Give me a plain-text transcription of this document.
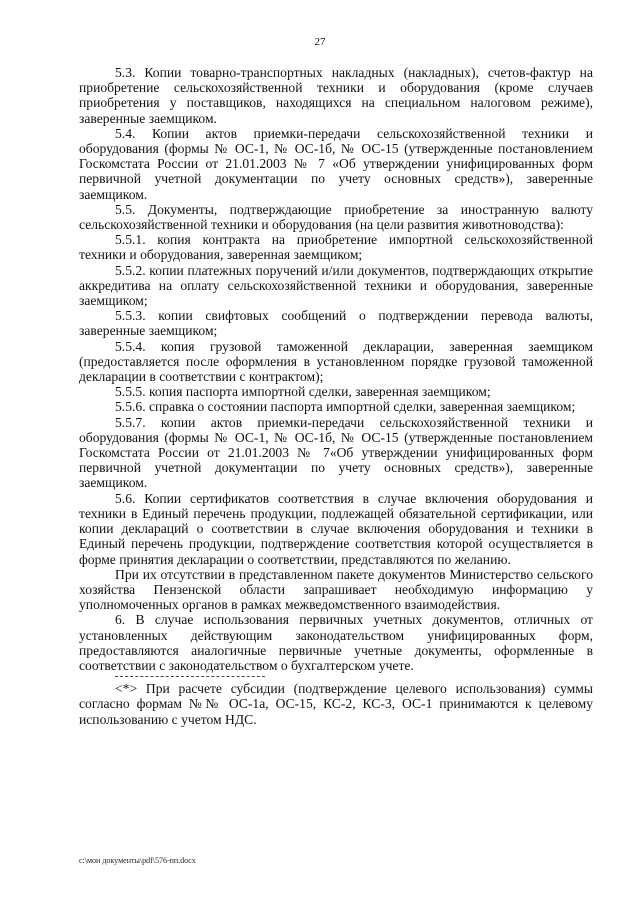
27

5.3. Копии товарно-транспортных накладных (накладных), счетов-фактур на приобретение сельскохозяйственной техники и оборудования (кроме случаев приобретения у поставщиков, находящихся на специальном налоговом режиме), заверенные заемщиком.

5.4. Копии актов приемки-передачи сельскохозяйственной техники и оборудования (формы № ОС-1, № ОС-1б, № ОС-15 (утвержденные постановлением Госкомстата России от 21.01.2003 № 7 «Об утверждении унифицированных форм первичной учетной документации по учету основных средств»), заверенные заемщиком.

5.5. Документы, подтверждающие приобретение за иностранную валюту сельскохозяйственной техники и оборудования (на цели развития животноводства):

5.5.1. копия контракта на приобретение импортной сельскохозяйственной техники и оборудования, заверенная заемщиком;

5.5.2. копии платежных поручений и/или документов, подтверждающих открытие аккредитива на оплату сельскохозяйственной техники и оборудования, заверенные заемщиком;

5.5.3. копии свифтовых сообщений о подтверждении перевода валюты, заверенные заемщиком;

5.5.4. копия грузовой таможенной декларации, заверенная заемщиком (предоставляется после оформления в установленном порядке грузовой таможенной декларации в соответствии с контрактом);

5.5.5. копия паспорта импортной сделки, заверенная заемщиком;

5.5.6. справка о состоянии паспорта импортной сделки, заверенная заемщиком;

5.5.7. копии актов приемки-передачи сельскохозяйственной техники и оборудования (формы № ОС-1, № ОС-1б, № ОС-15 (утвержденные постановлением Госкомстата России от 21.01.2003 № 7«Об утверждении унифицированных форм первичной учетной документации по учету основных средств»), заверенные заемщиком.

5.6. Копии сертификатов соответствия в случае включения оборудования и техники в Единый перечень продукции, подлежащей обязательной сертификации, или копии деклараций о соответствии в случае включения оборудования и техники в Единый перечень продукции, подтверждение соответствия которой осуществляется в форме принятия декларации о соответствии, представляются по желанию.

При их отсутствии в представленном пакете документов Министерство сельского хозяйства Пензенской области запрашивает необходимую информацию у уполномоченных органов в рамках межведомственного взаимодействия.

6. В случае использования первичных учетных документов, отличных от установленных действующим законодательством унифицированных форм, предоставляются аналогичные первичные учетные документы, оформленные в соответствии с законодательством о бухгалтерском учете.

<*> При расчете субсидии (подтверждение целевого использования) суммы согласно формам №№ ОС-1а, ОС-15, КС-2, КС-3, ОС-1 принимаются к целевому использованию с учетом НДС.

c:\мои документы\pdf\576-пп.docx
